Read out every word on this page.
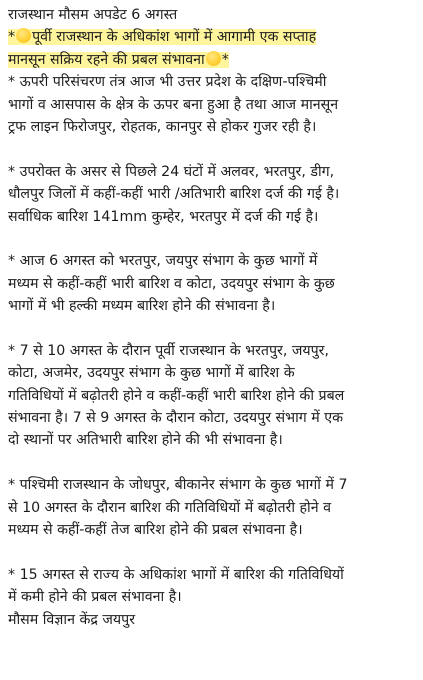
राजस्थान मौसम अपडेट 6 अगस्त
* पूर्वी राजस्थान के अधिकांश भागों में आगामी एक सप्ताह
मानसून सक्रिय रहने की प्रबल संभावना *
* ऊपरी परिसंचरण तंत्र आज भी उत्तर प्रदेश के दक्षिण-पश्चिमी
भागों व आसपास के क्षेत्र के ऊपर बना हुआ है तथा आज मानसून
ट्रफ लाइन फिरोजपुर, रोहतक, कानपुर से होकर गुजर रही है।
* उपरोक्त के असर से पिछले 24 घंटों में अलवर, भरतपुर, डीग,
धौलपुर जिलों में कहीं-कहीं भारी /अतिभारी बारिश दर्ज की गई है।
सर्वाधिक बारिश 141mm कुम्हेर, भरतपुर में दर्ज की गई है।
* आज 6 अगस्त को भरतपुर, जयपुर संभाग के कुछ भागों में
मध्यम से कहीं-कहीं भारी बारिश व कोटा, उदयपुर संभाग के कुछ
भागों में भी हल्की मध्यम बारिश होने की संभावना है।
* 7 से 10 अगस्त के दौरान पूर्वी राजस्थान के भरतपुर, जयपुर,
कोटा, अजमेर, उदयपुर संभाग के कुछ भागों में बारिश के
गतिविधियों में बढ़ोतरी होने व कहीं-कहीं भारी बारिश होने की प्रबल
संभावना है। 7 से 9 अगस्त के दौरान कोटा, उदयपुर संभाग में एक
दो स्थानों पर अतिभारी बारिश होने की भी संभावना है।
* पश्चिमी राजस्थान के जोधपुर, बीकानेर संभाग के कुछ भागों में 7
से 10 अगस्त के दौरान बारिश की गतिविधियों में बढ़ोतरी होने व
मध्यम से कहीं-कहीं तेज बारिश होने की प्रबल संभावना है।
* 15 अगस्त से राज्य के अधिकांश भागों में बारिश की गतिविधियों
में कमी होने की प्रबल संभावना है।
मौसम विज्ञान केंद्र जयपुर
